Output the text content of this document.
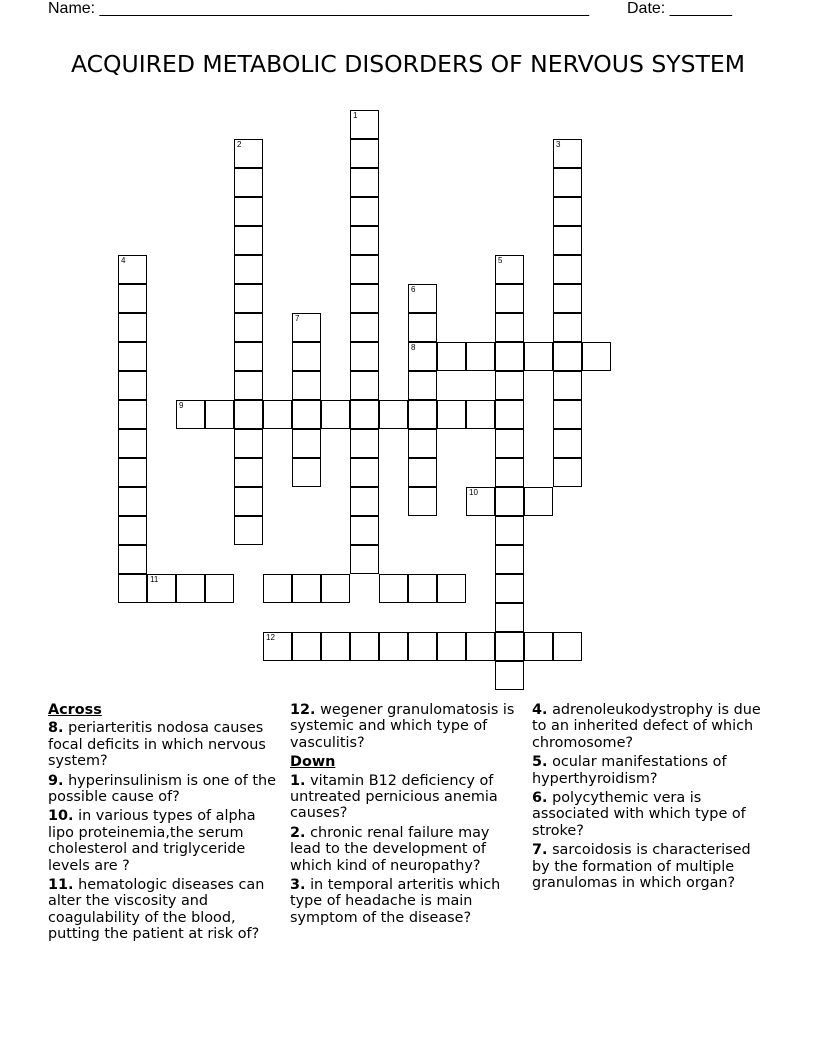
Name: _______________________________________________________ Date: _______
ACQUIRED METABOLIC DISORDERS OF NERVOUS SYSTEM
1
2	3
4	5
6
8
7
9
10
11
12
Across
8. periarteritis nodosa causes focal deficits in which nervous system?
9. hyperinsulinism is one of the possible cause of?
10. in various types of alpha lipo proteinemia,the serum cholesterol and triglyceride levels are ?
11. hematologic diseases can alter the viscosity and coagulability of the blood, putting the patient at risk of?
12. wegener granulomatosis is systemic and which type of vasculitis?
Down
1. vitamin B12 deficiency of untreated pernicious anemia causes?
2. chronic renal failure may lead to the development of which kind of neuropathy?
3. in temporal arteritis which type of headache is main symptom of the disease?
4. adrenoleukodystrophy is due to an inherited defect of which chromosome?
5. ocular manifestations of hyperthyroidism?
6. polycythemic vera is associated with which type of stroke?
7. sarcoidosis is characterised by the formation of multiple granulomas in which organ?
